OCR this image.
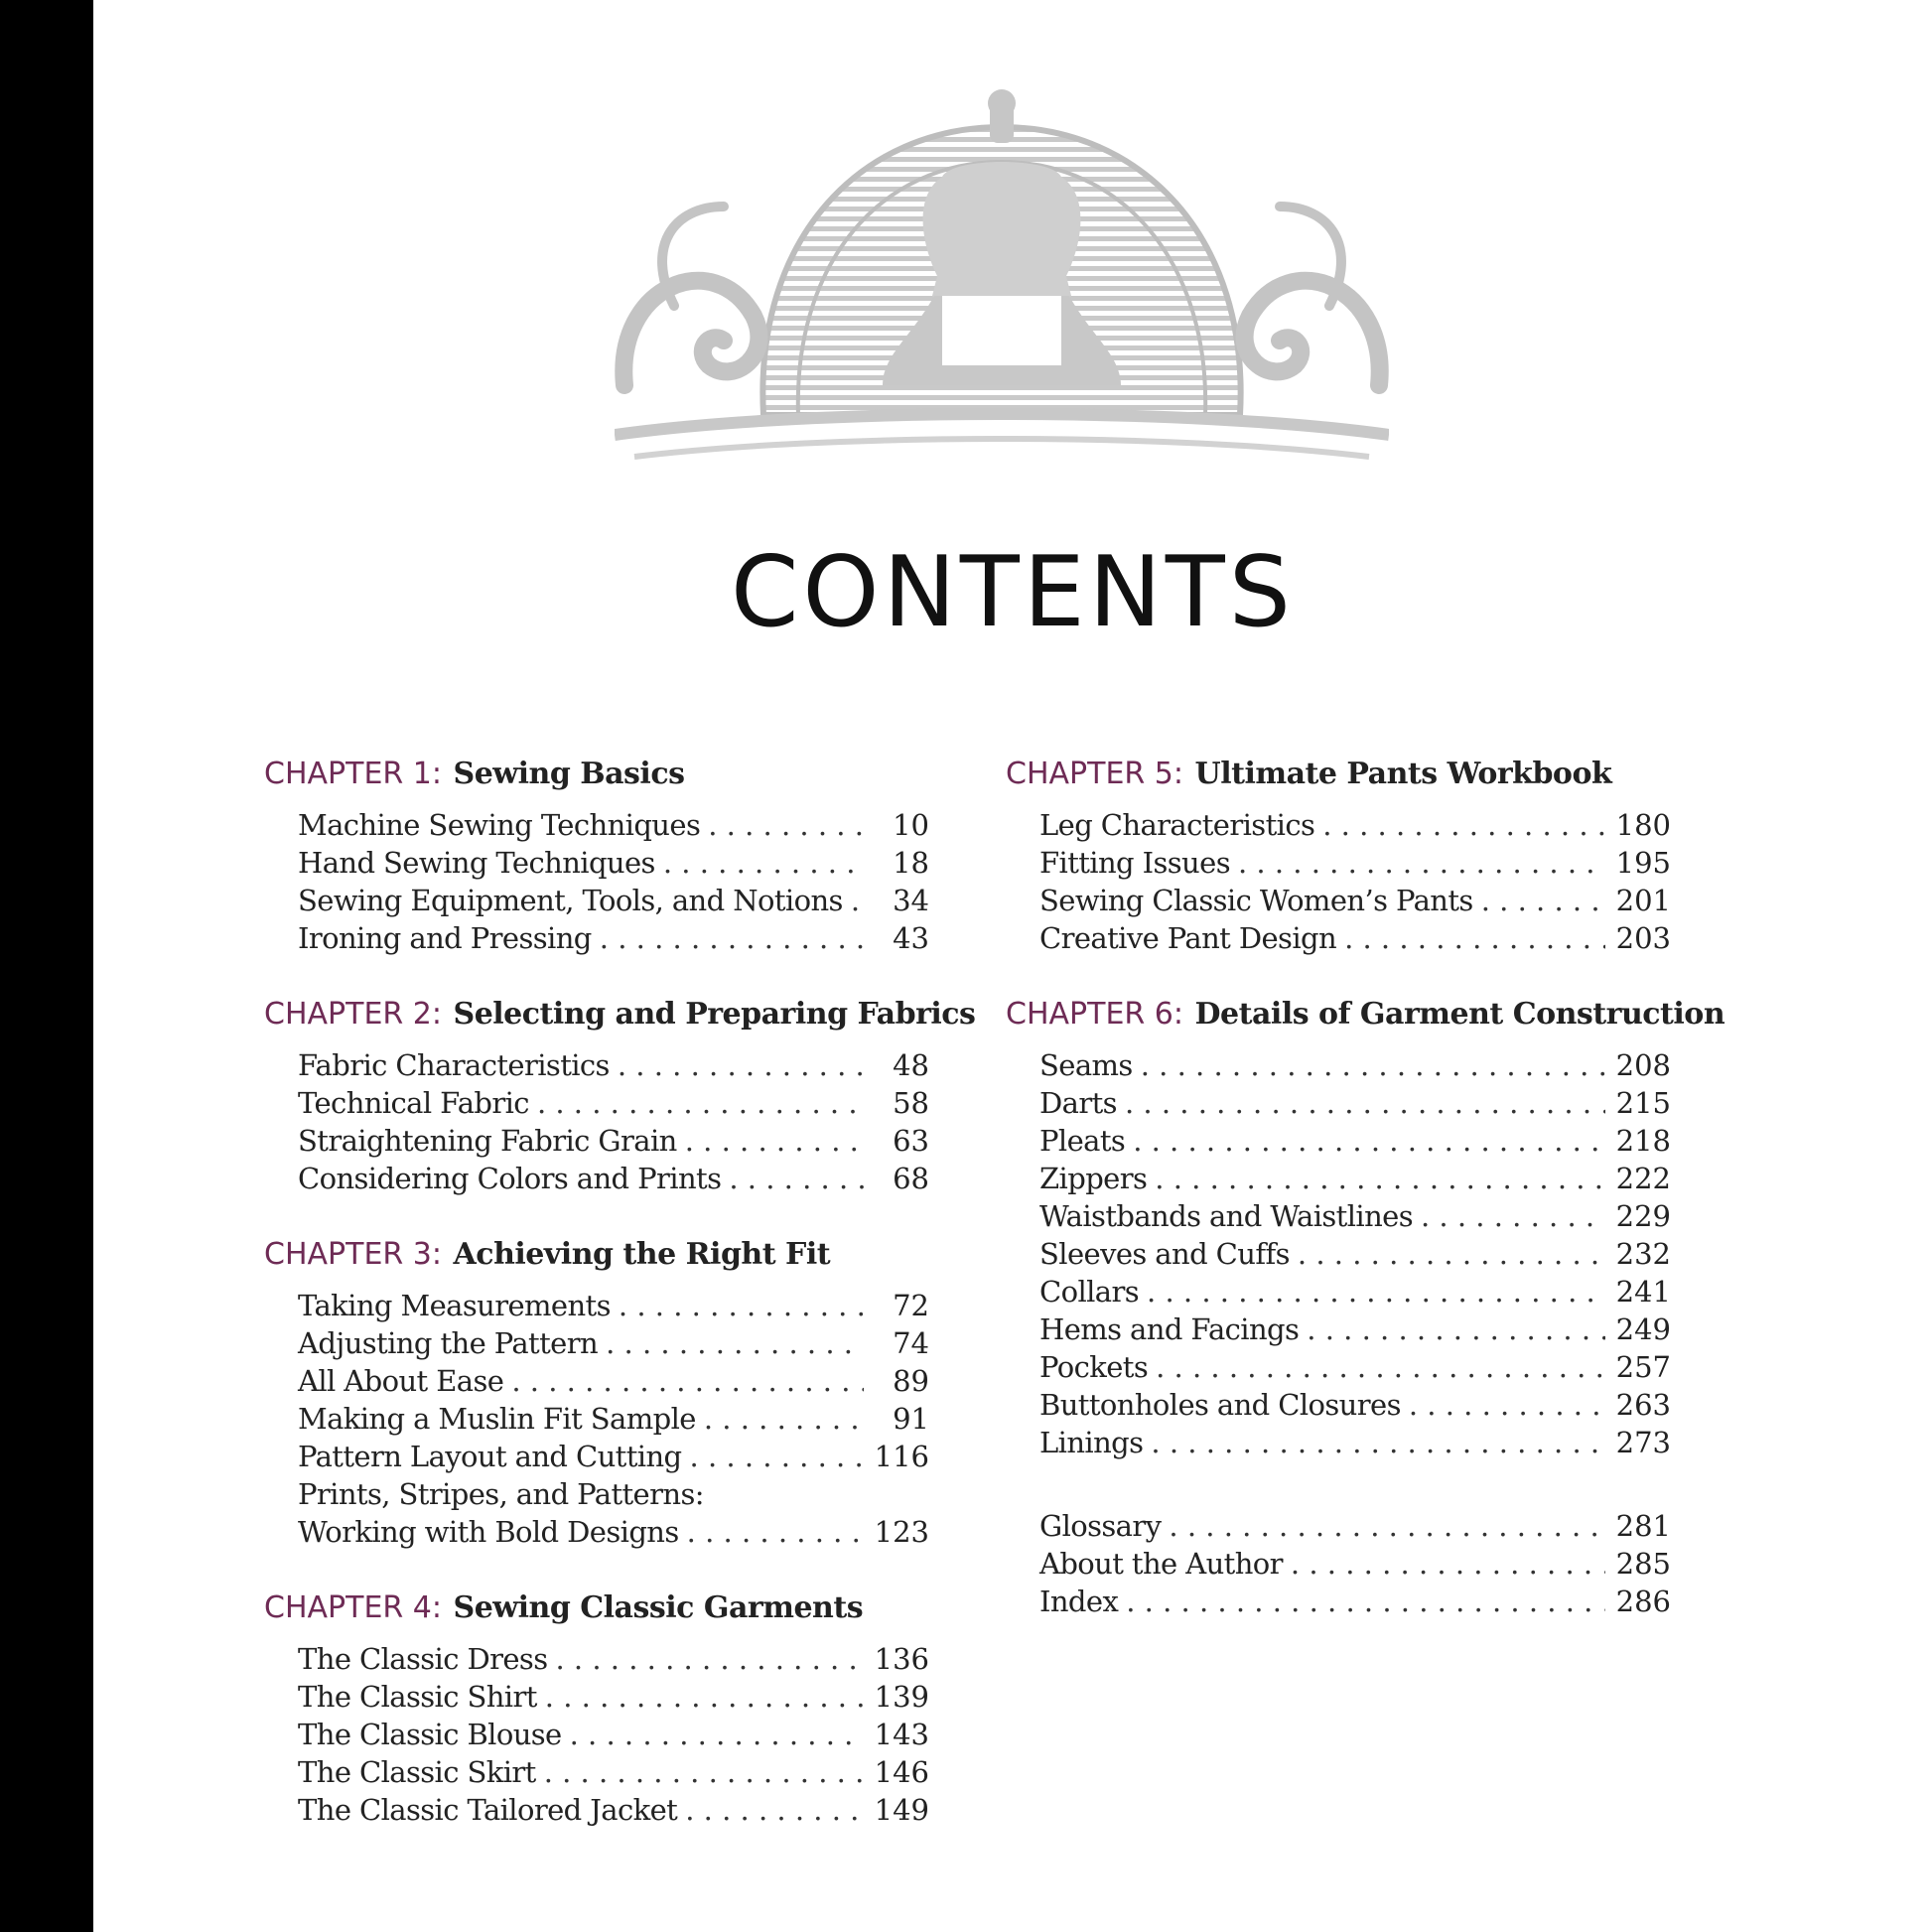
CONTENTS
CHAPTER 1: Sewing Basics
Machine Sewing Techniques . . .	10
Hand Sewing Techniques . . .	18
Sewing Equipment, Tools, and Notions . . .	34
Ironing and Pressing . . .	43
CHAPTER 2: Selecting and Preparing Fabrics
Fabric Characteristics . . .	48
Technical Fabric . . .	58
Straightening Fabric Grain . . .	63
Considering Colors and Prints . . .	68
CHAPTER 3: Achieving the Right Fit
Taking Measurements . . .	72
Adjusting the Pattern . . .	74
All About Ease . . .	89
Making a Muslin Fit Sample . . .	91
Pattern Layout and Cutting . . .	116
Prints, Stripes, and Patterns:
Working with Bold Designs . . .	123
CHAPTER 4: Sewing Classic Garments
The Classic Dress . . .	136
The Classic Shirt . . .	139
The Classic Blouse . . .	143
The Classic Skirt . . .	146
The Classic Tailored Jacket . . .	149
CHAPTER 5: Ultimate Pants Workbook
Leg Characteristics . . .	180
Fitting Issues . . .	195
Sewing Classic Women’s Pants . . .	201
Creative Pant Design . . .	203
CHAPTER 6: Details of Garment Construction
Seams . . .	208
Darts . . .	215
Pleats . . .	218
Zippers . . .	222
Waistbands and Waistlines . . .	229
Sleeves and Cuffs . . .	232
Collars . . .	241
Hems and Facings . . .	249
Pockets . . .	257
Buttonholes and Closures . . .	263
Linings . . .	273
Glossary . . .	281
About the Author . . .	285
Index . . .	286
